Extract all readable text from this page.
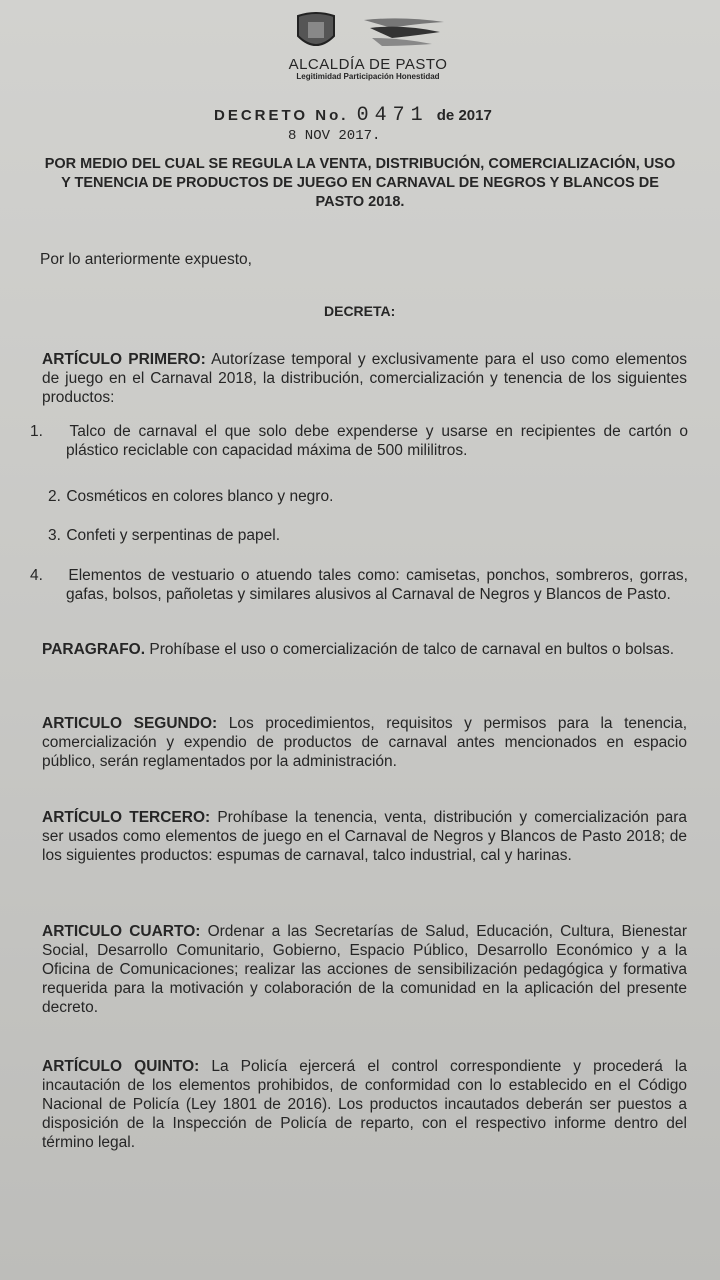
ALCALDÍA DE PASTO
Legitimidad Participación Honestidad
DECRETO No. 0471 de 2017
8 NOV 2017.
POR MEDIO DEL CUAL SE REGULA LA VENTA, DISTRIBUCIÓN, COMERCIALIZACIÓN, USO Y TENENCIA DE PRODUCTOS DE JUEGO EN CARNAVAL DE NEGROS Y BLANCOS DE PASTO 2018.
Por lo anteriormente expuesto,
DECRETA:
ARTÍCULO PRIMERO: Autorízase temporal y exclusivamente para el uso como elementos de juego en el Carnaval 2018, la distribución, comercialización y tenencia de los siguientes productos:
1. Talco de carnaval el que solo debe expenderse y usarse en recipientes de cartón o plástico reciclable con capacidad máxima de 500 mililitros.
2. Cosméticos en colores blanco y negro.
3. Confeti y serpentinas de papel.
4. Elementos de vestuario o atuendo tales como: camisetas, ponchos, sombreros, gorras, gafas, bolsos, pañoletas y similares alusivos al Carnaval de Negros y Blancos de Pasto.
PARAGRAFO. Prohíbase el uso o comercialización de talco de carnaval en bultos o bolsas.
ARTICULO SEGUNDO: Los procedimientos, requisitos y permisos para la tenencia, comercialización y expendio de productos de carnaval antes mencionados en espacio público, serán reglamentados por la administración.
ARTÍCULO TERCERO: Prohíbase la tenencia, venta, distribución y comercialización para ser usados como elementos de juego en el Carnaval de Negros y Blancos de Pasto 2018; de los siguientes productos: espumas de carnaval, talco industrial, cal y harinas.
ARTICULO CUARTO: Ordenar a las Secretarías de Salud, Educación, Cultura, Bienestar Social, Desarrollo Comunitario, Gobierno, Espacio Público, Desarrollo Económico y a la Oficina de Comunicaciones; realizar las acciones de sensibilización pedagógica y formativa requerida para la motivación y colaboración de la comunidad en la aplicación del presente decreto.
ARTÍCULO QUINTO: La Policía ejercerá el control correspondiente y procederá la incautación de los elementos prohibidos, de conformidad con lo establecido en el Código Nacional de Policía (Ley 1801 de 2016). Los productos incautados deberán ser puestos a disposición de la Inspección de Policía de reparto, con el respectivo informe dentro del término legal.
